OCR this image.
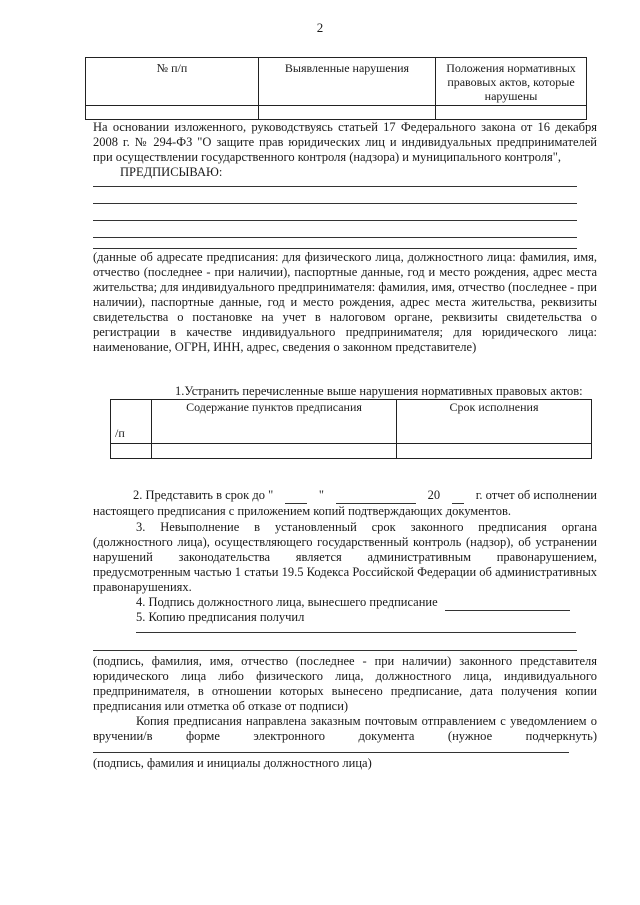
2
№ п/п	Выявленные нарушения	Положения нормативных правовых актов, которые нарушены

На основании изложенного, руководствуясь статьей 17 Федерального закона от 16 декабря 2008 г. № 294-ФЗ "О защите прав юридических лиц и индивидуальных предпринимателей при осуществлении государственного контроля (надзора) и муниципального контроля",
ПРЕДПИСЫВАЮ:
(данные об адресате предписания: для физического лица, должностного лица: фамилия, имя, отчество (последнее - при наличии), паспортные данные, год и место рождения, адрес места жительства; для индивидуального предпринимателя: фамилия, имя, отчество (последнее - при наличии), паспортные данные, год и место рождения, адрес места жительства, реквизиты свидетельства о постановке на учет в налоговом органе, реквизиты свидетельства о регистрации в качестве индивидуального предпринимателя; для юридического лица: наименование, ОГРН, ИНН, адрес, сведения о законном представителе)
1.Устранить перечисленные выше нарушения нормативных правовых актов:
/п	Содержание пунктов предписания	Срок исполнения

2. Представить в срок до "
	"
	20
	г. отчет об исполнении
настоящего предписания с приложением копий подтверждающих документов.
3. Невыполнение в установленный срок законного предписания органа (должностного лица), осуществляющего государственный контроль (надзор), об устранении нарушений законодательства является административным правонарушением, предусмотренным частью 1 статьи 19.5 Кодекса Российской Федерации об административных правонарушениях.
4. Подпись должностного лица, вынесшего предписание
5. Копию предписания получил
(подпись, фамилия, имя, отчество (последнее - при наличии) законного представителя юридического лица либо физического лица, должностного лица, индивидуального предпринимателя, в отношении которых вынесено предписание, дата получения копии предписания или отметка об отказе от подписи)
Копия предписания направлена заказным почтовым отправлением с уведомлением о вручении/в форме электронного документа (нужное подчеркнуть)
(подпись, фамилия и инициалы должностного лица)
